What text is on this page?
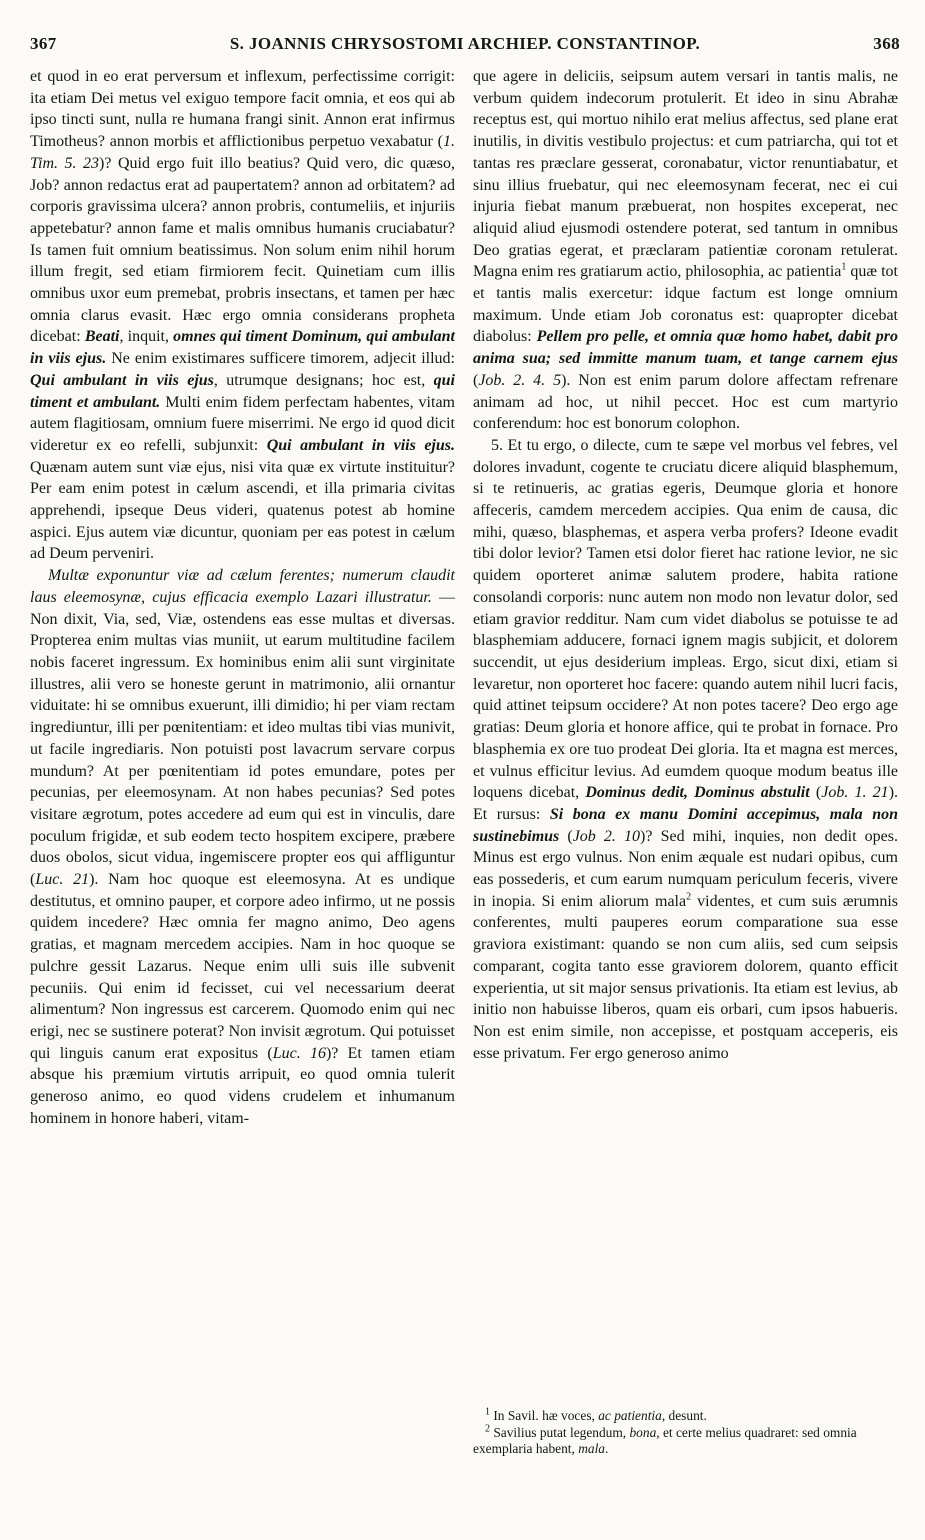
367	S. JOANNIS CHRYSOSTOMI ARCHIEP. CONSTANTINOP.	368

et quod in eo erat perversum et inflexum, perfectissime corrigit: ita etiam Dei metus vel exiguo tempore facit omnia, et eos qui ab ipso tincti sunt, nulla re humana frangi sinit. Annon erat infirmus Timotheus? annon morbis et afflictionibus perpetuo vexabatur (1. Tim. 5. 23)? Quid ergo fuit illo beatius? Quid vero, dic quæso, Job? annon redactus erat ad paupertatem? annon ad orbitatem? ad corporis gravissima ulcera? annon probris, contumeliis, et injuriis appetebatur? annon fame et malis omnibus humanis cruciabatur? Is tamen fuit omnium beatissimus. Non solum enim nihil horum illum fregit, sed etiam firmiorem fecit. Quinetiam cum illis omnibus uxor eum premebat, probris insectans, et tamen per hæc omnia clarus evasit. Hæc ergo omnia considerans propheta dicebat: Beati, inquit, omnes qui timent Dominum, qui ambulant in viis ejus. Ne enim existimares sufficere timorem, adjecit illud: Qui ambulant in viis ejus, utrumque designans; hoc est, qui timent et ambulant. Multi enim fidem perfectam habentes, vitam autem flagitiosam, omnium fuere miserrimi. Ne ergo id quod dicit videretur ex eo refelli, subjunxit: Qui ambulant in viis ejus. Quænam autem sunt viæ ejus, nisi vita quæ ex virtute instituitur? Per eam enim potest in cælum ascendi, et illa primaria civitas apprehendi, ipseque Deus videri, quatenus potest ab homine aspici. Ejus autem viæ dicuntur, quoniam per eas potest in cælum ad Deum perveniri.

Multæ exponuntur viæ ad cælum ferentes; numerum claudit laus eleemosynæ, cujus efficacia exemplo Lazari illustratur. — Non dixit, Via, sed, Viæ, ostendens eas esse multas et diversas. Propterea enim multas vias muniit, ut earum multitudine facilem nobis faceret ingressum. Ex hominibus enim alii sunt virginitate illustres, alii vero se honeste gerunt in matrimonio, alii ornantur viduitate: hi se omnibus exuerunt, illi dimidio; hi per viam rectam ingrediuntur, illi per pœnitentiam: et ideo multas tibi vias munivit, ut facile ingrediaris. Non potuisti post lavacrum servare corpus mundum? At per pœnitentiam id potes emundare, potes per pecunias, per eleemosynam. At non habes pecunias? Sed potes visitare ægrotum, potes accedere ad eum qui est in vinculis, dare poculum frigidæ, et sub eodem tecto hospitem excipere, præbere duos obolos, sicut vidua, ingemiscere propter eos qui affliguntur (Luc. 21). Nam hoc quoque est eleemosyna. At es undique destitutus, et omnino pauper, et corpore adeo infirmo, ut ne possis quidem incedere? Hæc omnia fer magno animo, Deo agens gratias, et magnam mercedem accipies. Nam in hoc quoque se pulchre gessit Lazarus. Neque enim ulli suis ille subvenit pecuniis. Qui enim id fecisset, cui vel necessarium deerat alimentum? Non ingressus est carcerem. Quomodo enim qui nec erigi, nec se sustinere poterat? Non invisit ægrotum. Qui potuisset qui linguis canum erat expositus (Luc. 16)? Et tamen etiam absque his præmium virtutis arripuit, eo quod omnia tulerit generoso animo, eo quod videns crudelem et inhumanum hominem in honore haberi, vitam-

que agere in deliciis, seipsum autem versari in tantis malis, ne verbum quidem indecorum protulerit. Et ideo in sinu Abrahæ receptus est, qui mortuo nihilo erat melius affectus, sed plane erat inutilis, in divitis vestibulo projectus: et cum patriarcha, qui tot et tantas res præclare gesserat, coronabatur, victor renuntiabatur, et sinu illius fruebatur, qui nec eleemosynam fecerat, nec ei cui injuria fiebat manum præbuerat, non hospites exceperat, nec aliquid aliud ejusmodi ostendere poterat, sed tantum in omnibus Deo gratias egerat, et præclaram patientiæ coronam retulerat. Magna enim res gratiarum actio, philosophia, ac patientia$^1$ quæ tot et tantis malis exercetur: idque factum est longe omnium maximum. Unde etiam Job coronatus est: quapropter dicebat diabolus: Pellem pro pelle, et omnia quæ homo habet, dabit pro anima sua; sed immitte manum tuam, et tange carnem ejus (Job. 2. 4. 5). Non est enim parum dolore affectam refrenare animam ad hoc, ut nihil peccet. Hoc est cum martyrio conferendum: hoc est bonorum colophon.

5. Et tu ergo, o dilecte, cum te sæpe vel morbus vel febres, vel dolores invadunt, cogente te cruciatu dicere aliquid blasphemum, si te retinueris, ac gratias egeris, Deumque gloria et honore affeceris, camdem mercedem accipies. Qua enim de causa, dic mihi, quæso, blasphemas, et aspera verba profers? Ideone evadit tibi dolor levior? Tamen etsi dolor fieret hac ratione levior, ne sic quidem oporteret animæ salutem prodere, habita ratione consolandi corporis: nunc autem non modo non levatur dolor, sed etiam gravior redditur. Nam cum videt diabolus se potuisse te ad blasphemiam adducere, fornaci ignem magis subjicit, et dolorem succendit, ut ejus desiderium impleas. Ergo, sicut dixi, etiam si levaretur, non oporteret hoc facere: quando autem nihil lucri facis, quid attinet teipsum occidere? At non potes tacere? Deo ergo age gratias: Deum gloria et honore affice, qui te probat in fornace. Pro blasphemia ex ore tuo prodeat Dei gloria. Ita et magna est merces, et vulnus efficitur levius. Ad eumdem quoque modum beatus ille loquens dicebat, Dominus dedit, Dominus abstulit (Job. 1. 21). Et rursus: Si bona ex manu Domini accepimus, mala non sustinebimus (Job 2. 10)? Sed mihi, inquies, non dedit opes. Minus est ergo vulnus. Non enim æquale est nudari opibus, cum eas possederis, et cum earum numquam periculum feceris, vivere in inopia. Si enim aliorum mala$^2$ videntes, et cum suis ærumnis conferentes, multi pauperes eorum comparatione sua esse graviora existimant: quando se non cum aliis, sed cum seipsis comparant, cogita tanto esse graviorem dolorem, quanto efficit experientia, ut sit major sensus privationis. Ita etiam est levius, ab initio non habuisse liberos, quam eis orbari, cum ipsos habueris. Non est enim simile, non accepisse, et postquam acceperis, eis esse privatum. Fer ergo generoso animo

$^1$ In Savil. hæ voces, ac patientia, desunt.

$^2$ Savilius putat legendum, bona, et certe melius quadraret: sed omnia exemplaria habent, mala.
